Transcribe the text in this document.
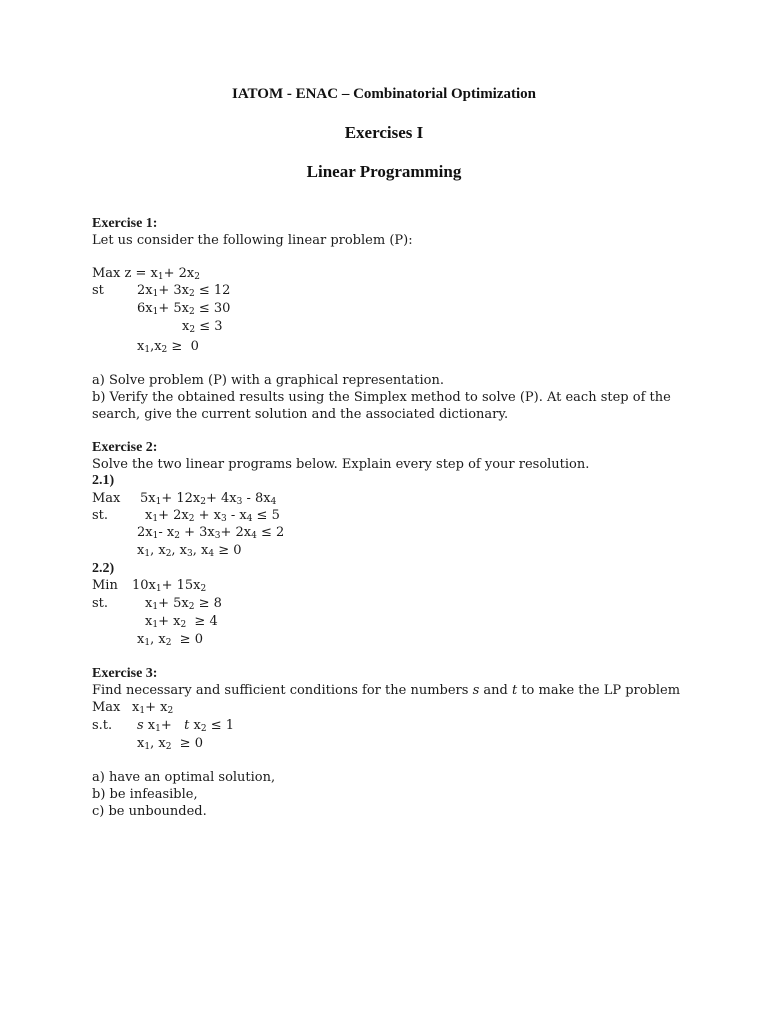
IATOM - ENAC – Combinatorial Optimization
Exercises I
Linear Programming
Exercise 1:
Let us consider the following linear problem (P):
Max $z = x_1+ 2x_2$
st	$2x_1+ 3x_2 \le 12$
$6x_1+ 5x_2 \le 30$
$x_2 \le 3$
$x_1,x_2 \ge 0$
a) Solve problem (P) with a graphical representation.
b) Verify the obtained results using the Simplex method to solve (P). At each step of the
search, give the current solution and the associated dictionary.
Exercise 2:
Solve the two linear programs below. Explain every step of your resolution.
2.1)
Max $5x_1+ 12x_2+ 4x_3 - 8x_4$
st.	$x_1+ 2x_2 + x_3 - x_4 \le 5$
$2x_1-$ $x_2 + 3x_3+ 2x_4 \le 2$
$x_1$, $x_2$, $x_3$, $x_4 \ge 0$
2.2)
Min $10x_1+ 15x_2$
st.	$x_1+ 5x_2 \ge 8$
$x_1+ x_2 \ge 4$
$x_1$, $x_2 \ge 0$
Exercise 3:
Find necessary and sufficient conditions for the numbers s and t to make the LP problem
Max $x_1+ x_2$
s.t. s $x_1+ t$ $x_2 \le 1$
$x_1$, $x_2 \ge 0$
a) have an optimal solution,
b) be infeasible,
c) be unbounded.
